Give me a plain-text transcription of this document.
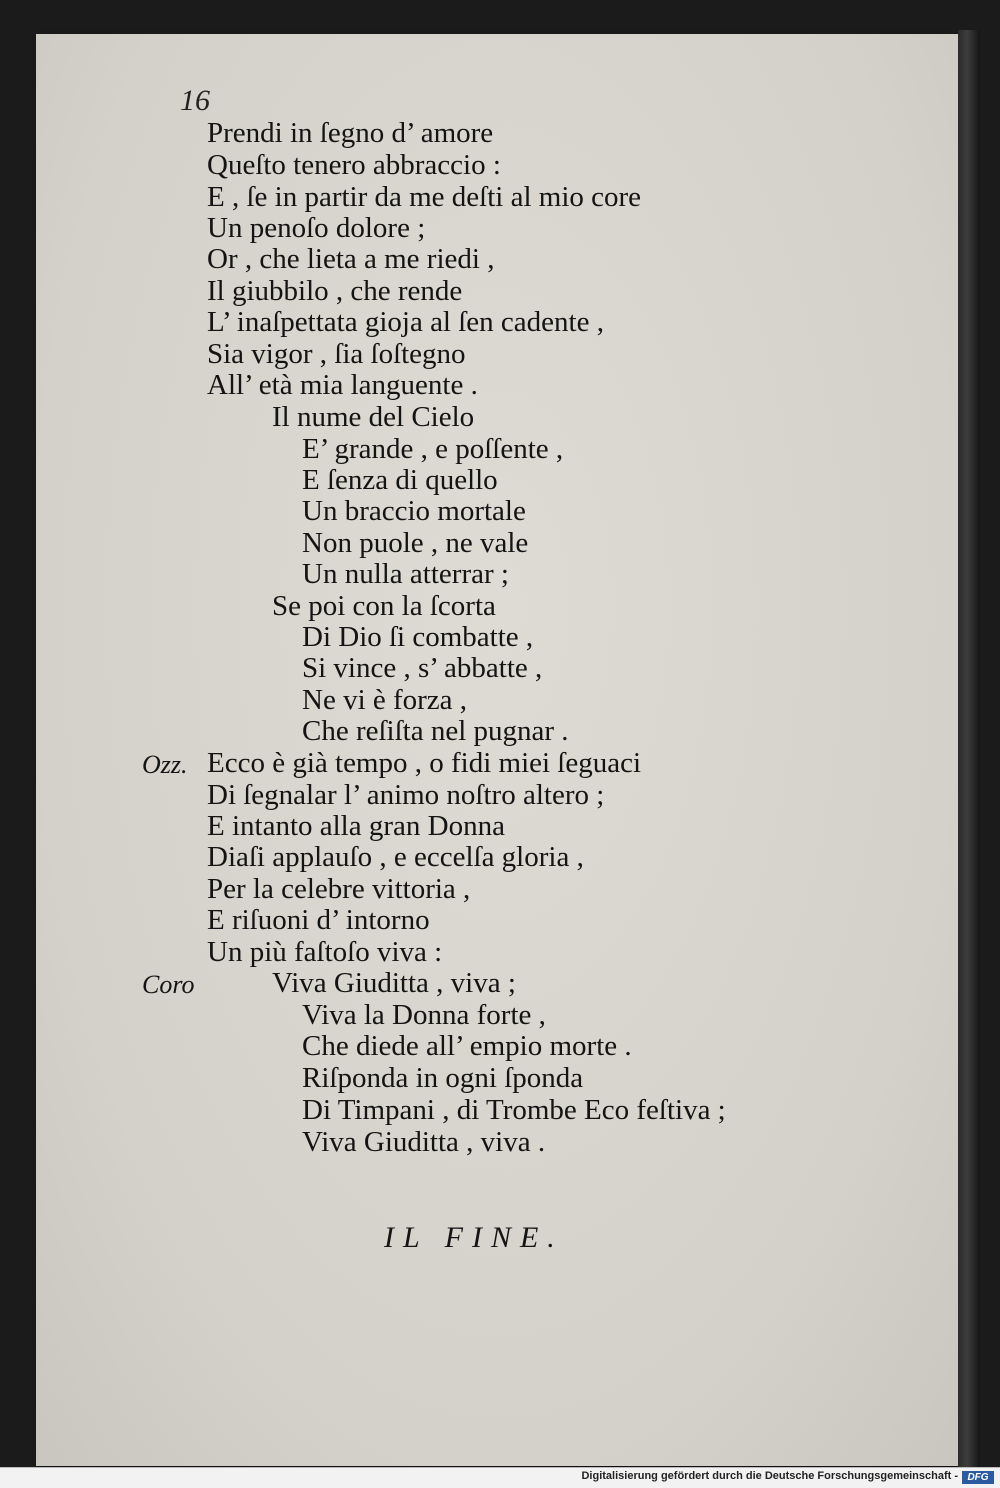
16
Prendi in ſegno d’ amore
Queſto tenero abbraccio :
E , ſe in partir da me deſti al mio core
Un penoſo dolore ;
Or , che lieta a me riedi ,
Il giubbilo , che rende
L’ inaſpettata gioja al ſen cadente ,
Sia vigor , ſia ſoſtegno
All’ età mia languente .
Il nume del Cielo
E’ grande , e poſſente ,
E ſenza di quello
Un braccio mortale
Non puole , ne vale
Un nulla atterrar ;
Se poi con la ſcorta
Di Dio ſi combatte ,
Si vince , s’ abbatte ,
Ne vi è forza ,
Che reſiſta nel pugnar .
Ecco è già tempo , o fidi miei ſeguaci
Ozz.
Di ſegnalar l’ animo noſtro altero ;
E intanto alla gran Donna
Diaſi applauſo , e eccelſa gloria ,
Per la celebre vittoria ,
E riſuoni d’ intorno
Un più faſtoſo viva :
Viva Giuditta , viva ;
Coro
Viva la Donna forte ,
Che diede all’ empio morte .
Riſponda in ogni ſponda
Di Timpani , di Trombe Eco feſtiva ;
Viva Giuditta , viva .
IL FINE.
Digitalisierung gefördert durch die Deutsche Forschungsgemeinschaft - DFG
